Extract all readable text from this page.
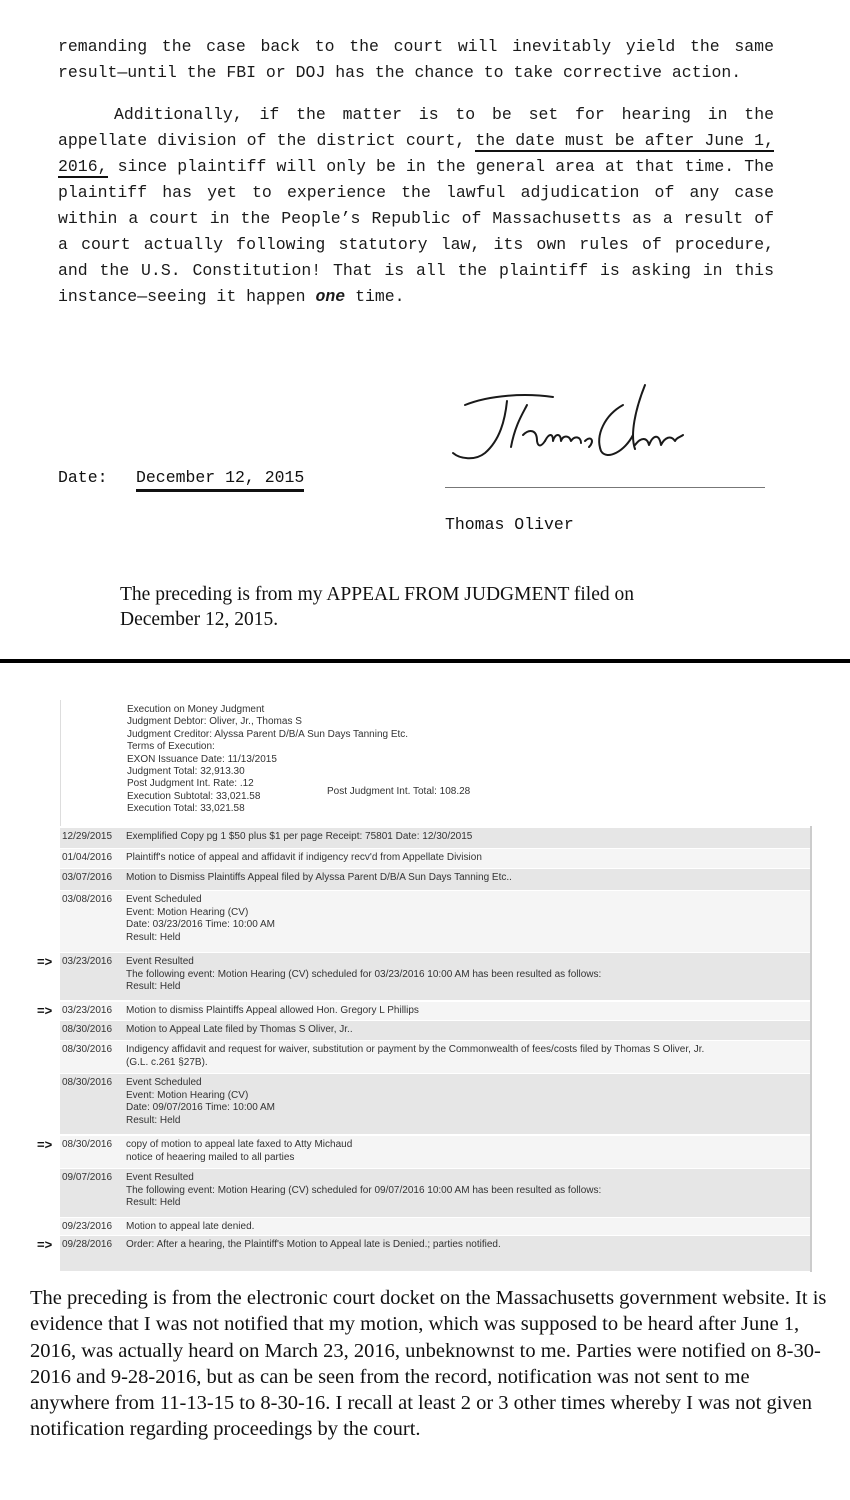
remanding the case back to the court will inevitably yield the same result—until the FBI or DOJ has the chance to take corrective action.

Additionally, if the matter is to be set for hearing in the appellate division of the district court, the date must be after June 1, 2016, since plaintiff will only be in the general area at that time. The plaintiff has yet to experience the lawful adjudication of any case within a court in the People’s Republic of Massachusetts as a result of a court actually following statutory law, its own rules of procedure, and the U.S. Constitution! That is all the plaintiff is asking in this instance—seeing it happen one time.

Date: December 12, 2015
Thomas Oliver
The preceding is from my APPEAL FROM JUDGMENT filed on December 12, 2015.
Execution on Money Judgment
Judgment Debtor: Oliver, Jr., Thomas S
Judgment Creditor: Alyssa Parent D/B/A Sun Days Tanning Etc.
Terms of Execution:
EXON Issuance Date: 11/13/2015
Judgment Total: 32,913.30
Post Judgment Int. Rate: .12
Execution Subtotal: 33,021.58
Execution Total: 33,021.58
Post Judgment Int. Total: 108.28
12/29/2015 Exemplified Copy pg 1 $50 plus $1 per page Receipt: 75801 Date: 12/30/2015
01/04/2016 Plaintiff's notice of appeal and affidavit if indigency recv'd from Appellate Division
03/07/2016 Motion to Dismiss Plaintiffs Appeal filed by Alyssa Parent D/B/A Sun Days Tanning Etc..
03/08/2016 Event Scheduled
Event: Motion Hearing (CV)
Date: 03/23/2016 Time: 10:00 AM
Result: Held
03/23/2016 Event Resulted
The following event: Motion Hearing (CV) scheduled for 03/23/2016 10:00 AM has been resulted as follows:
Result: Held
03/23/2016 Motion to dismiss Plaintiffs Appeal allowed Hon. Gregory L Phillips
08/30/2016 Motion to Appeal Late filed by Thomas S Oliver, Jr..
08/30/2016 Indigency affidavit and request for waiver, substitution or payment by the Commonwealth of fees/costs filed by Thomas S Oliver, Jr.
(G.L. c.261 §27B).
08/30/2016 Event Scheduled
Event: Motion Hearing (CV)
Date: 09/07/2016 Time: 10:00 AM
Result: Held
08/30/2016 copy of motion to appeal late faxed to Atty Michaud
notice of heaering mailed to all parties
09/07/2016 Event Resulted
The following event: Motion Hearing (CV) scheduled for 09/07/2016 10:00 AM has been resulted as follows:
Result: Held
09/23/2016 Motion to appeal late denied.
09/28/2016 Order: After a hearing, the Plaintiff's Motion to Appeal late is Denied.; parties notified.
The preceding is from the electronic court docket on the Massachusetts government website. It is evidence that I was not notified that my motion, which was supposed to be heard after June 1, 2016, was actually heard on March 23, 2016, unbeknownst to me. Parties were notified on 8-30-2016 and 9-28-2016, but as can be seen from the record, notification was not sent to me anywhere from 11-13-15 to 8-30-16. I recall at least 2 or 3 other times whereby I was not given notification regarding proceedings by the court.
=>
=>
=>
=>
